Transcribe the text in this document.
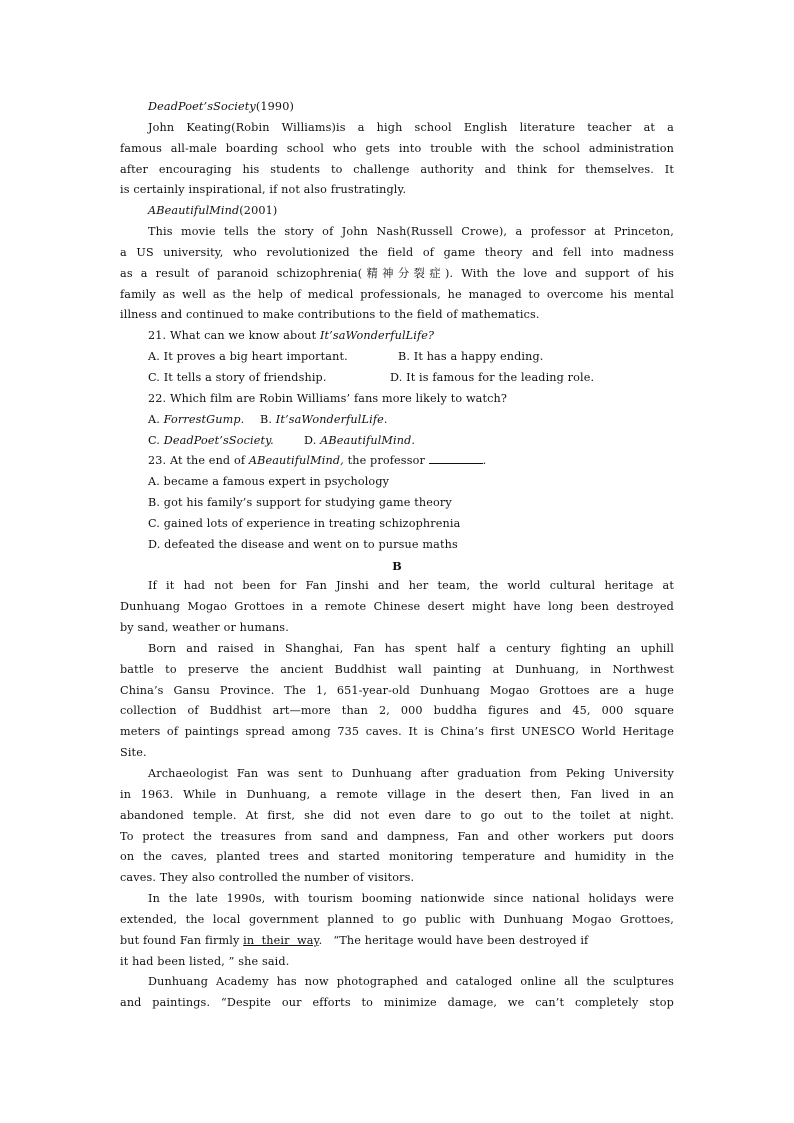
DeadPoet’sSociety(1990)
John Keating(Robin Williams)is a high school English literature teacher at a
famous all-male boarding school who gets into trouble with the school administration
after encouraging his students to challenge authority and think for themselves. It
is certainly inspirational, if not also frustratingly.
ABeautifulMind(2001)
This movie tells the story of John Nash(Russell Crowe), a professor at Princeton,
a US university, who revolutionized the field of game theory and fell into madness
as a result of paranoid schizophrenia(精神分裂症). With the love and support of his
family as well as the help of medical professionals, he managed to overcome his mental
illness and continued to make contributions to the field of mathematics.
21. What can we know about It’saWonderfulLife?
A. It proves a big heart important.	B. It has a happy ending.
C. It tells a story of friendship.	D. It is famous for the leading role.
22. Which film are Robin Williams’ fans more likely to watch?
A. ForrestGump. B. It’saWonderfulLife.
C. DeadPoet’sSociety.	D. ABeautifulMind.
23. At the end of ABeautifulMind, the professor	.
A. became a famous expert in psychology
B. got his family’s support for studying game theory
C. gained lots of experience in treating schizophrenia
D. defeated the disease and went on to pursue maths
B
If it had not been for Fan Jinshi and her team, the world cultural heritage at
Dunhuang Mogao Grottoes in a remote Chinese desert might have long been destroyed
by sand, weather or humans.
Born and raised in Shanghai, Fan has spent half a century fighting an uphill
battle to preserve the ancient Buddhist wall painting at Dunhuang, in Northwest
China’s Gansu Province. The 1, 651-year-old Dunhuang Mogao Grottoes are a huge
collection of Buddhist art—more than 2, 000 buddha figures and 45, 000 square
meters of paintings spread among 735 caves. It is China’s first UNESCO World Heritage
Site.
Archaeologist Fan was sent to Dunhuang after graduation from Peking University
in 1963. While in Dunhuang, a remote village in the desert then, Fan lived in an
abandoned temple. At first, she did not even dare to go out to the toilet at night.
To protect the treasures from sand and dampness, Fan and other workers put doors
on the caves, planted trees and started monitoring temperature and humidity in the
caves. They also controlled the number of visitors.
In the late 1990s, with tourism booming nationwide since national holidays were
extended, the local government planned to go public with Dunhuang Mogao Grottoes,
but found Fan firmly in  their  way.   “The heritage would have been destroyed if
it had been listed, ” she said.
Dunhuang Academy has now photographed and cataloged online all the sculptures
and paintings. “Despite our efforts to minimize damage, we can’t completely stop
